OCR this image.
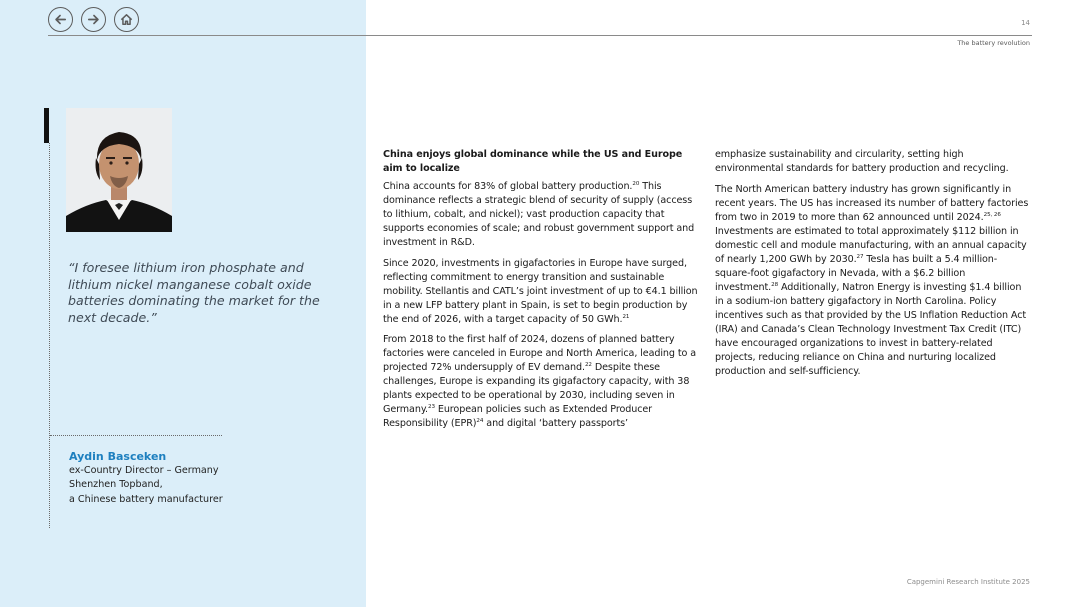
14
The battery revolution
“I foresee lithium iron phosphate and lithium nickel manganese cobalt oxide batteries dominating the market for the next decade.”
Aydin Basceken
ex-Country Director – Germany
Shenzhen Topband,
a Chinese battery manufacturer
China enjoys global dominance while the US and Europe aim to localize

China accounts for 83% of global battery production.$^{20}$ This dominance reflects a strategic blend of security of supply (access to lithium, cobalt, and nickel); vast production capacity that supports economies of scale; and robust government support and investment in R&D.

Since 2020, investments in gigafactories in Europe have surged, reflecting commitment to energy transition and sustainable mobility. Stellantis and CATL’s joint investment of up to €4.1 billion in a new LFP battery plant in Spain, is set to begin production by the end of 2026, with a target capacity of 50 GWh.$^{21}$

From 2018 to the first half of 2024, dozens of planned battery factories were canceled in Europe and North America, leading to a projected 72% undersupply of EV demand.$^{22}$ Despite these challenges, Europe is expanding its gigafactory capacity, with 38 plants expected to be operational by 2030, including seven in Germany.$^{23}$ European policies such as Extended Producer Responsibility (EPR)$^{24}$ and digital ‘battery passports’

emphasize sustainability and circularity, setting high environmental standards for battery production and recycling.

The North American battery industry has grown significantly in recent years. The US has increased its number of battery factories from two in 2019 to more than 62 announced until 2024.$^{25, 26}$ Investments are estimated to total approximately $112 billion in domestic cell and module manufacturing, with an annual capacity of nearly 1,200 GWh by 2030.27 Tesla has built a 5.4 million-square-foot gigafactory in Nevada, with a $6.2 billion investment.$^{28}$ Additionally, Natron Energy is investing $1.4 billion in a sodium-ion battery gigafactory in North Carolina. Policy incentives such as that provided by the US Inflation Reduction Act (IRA) and Canada’s Clean Technology Investment Tax Credit (ITC) have encouraged organizations to invest in battery-related projects, reducing reliance on China and nurturing localized production and self-sufficiency.

Capgemini Research Institute 2025
